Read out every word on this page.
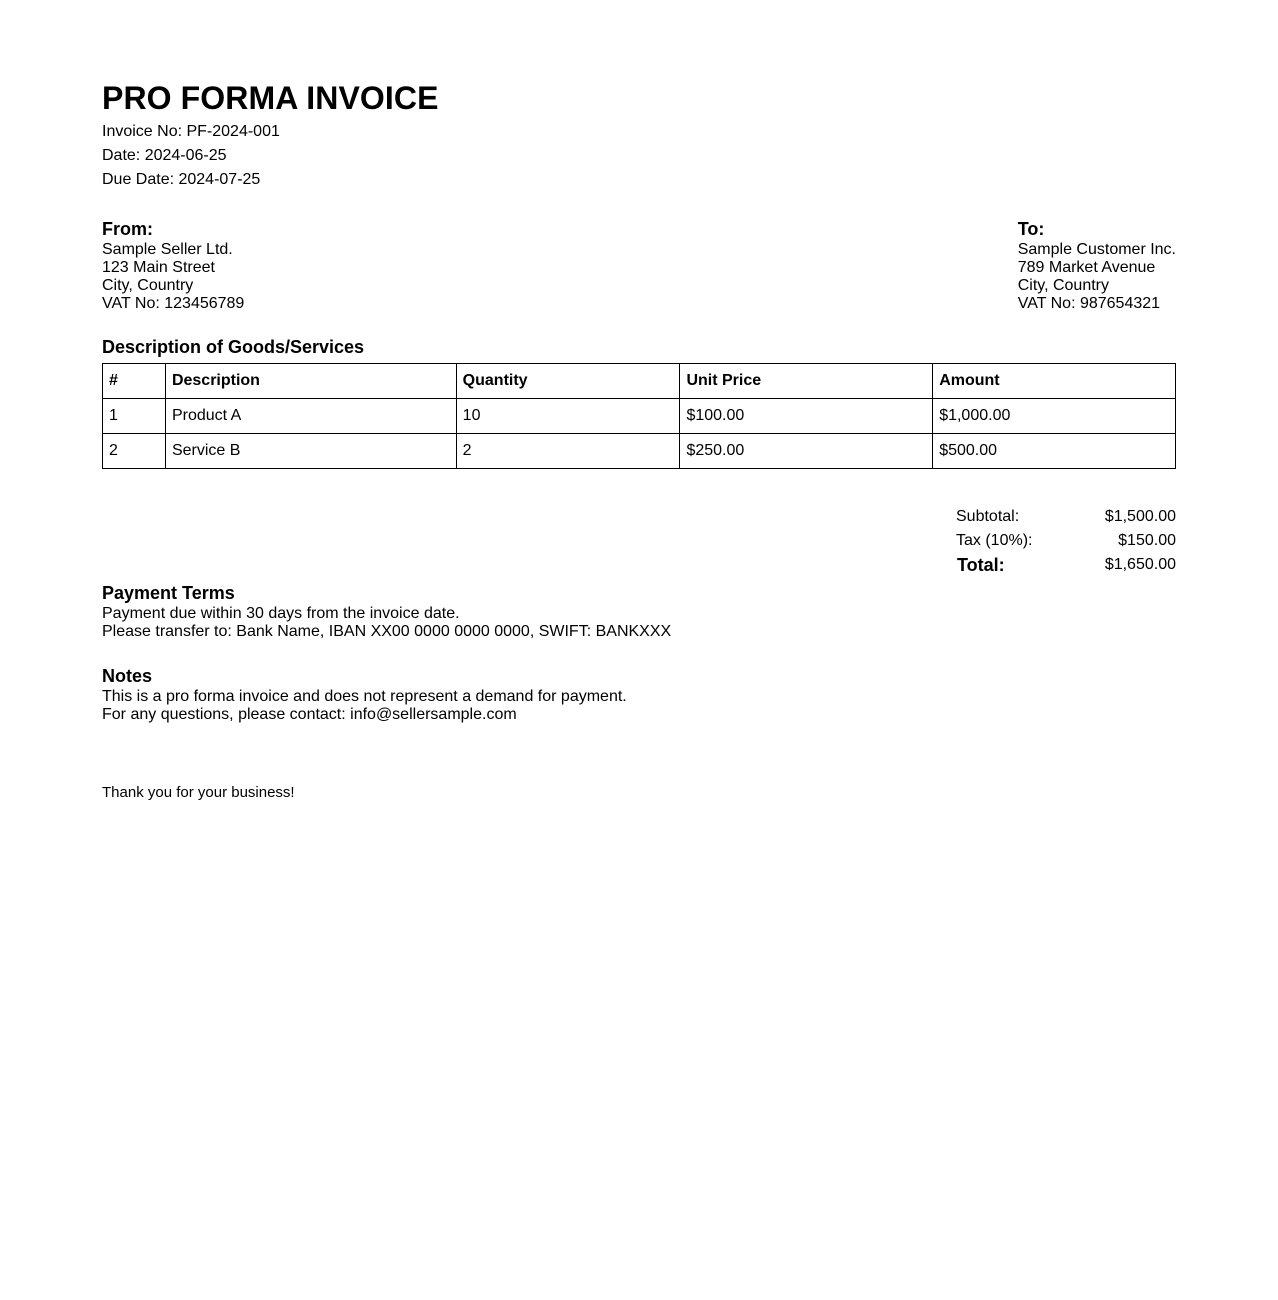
PRO FORMA INVOICE
Invoice No: PF-2024-001
Date: 2024-06-25
Due Date: 2024-07-25
From:
Sample Seller Ltd.
123 Main Street
City, Country
VAT No: 123456789
To:
Sample Customer Inc.
789 Market Avenue
City, Country
VAT No: 987654321
Description of Goods/Services
#	Description	Quantity	Unit Price	Amount
1	Product A	10	$100.00	$1,000.00
2	Service B	2	$250.00	$500.00
Subtotal:	$1,500.00
Tax (10%):	$150.00
Total:	$1,650.00
Payment Terms
Payment due within 30 days from the invoice date.
Please transfer to: Bank Name, IBAN XX00 0000 0000 0000, SWIFT: BANKXXX
Notes
This is a pro forma invoice and does not represent a demand for payment.
For any questions, please contact: info@sellersample.com
Thank you for your business!
